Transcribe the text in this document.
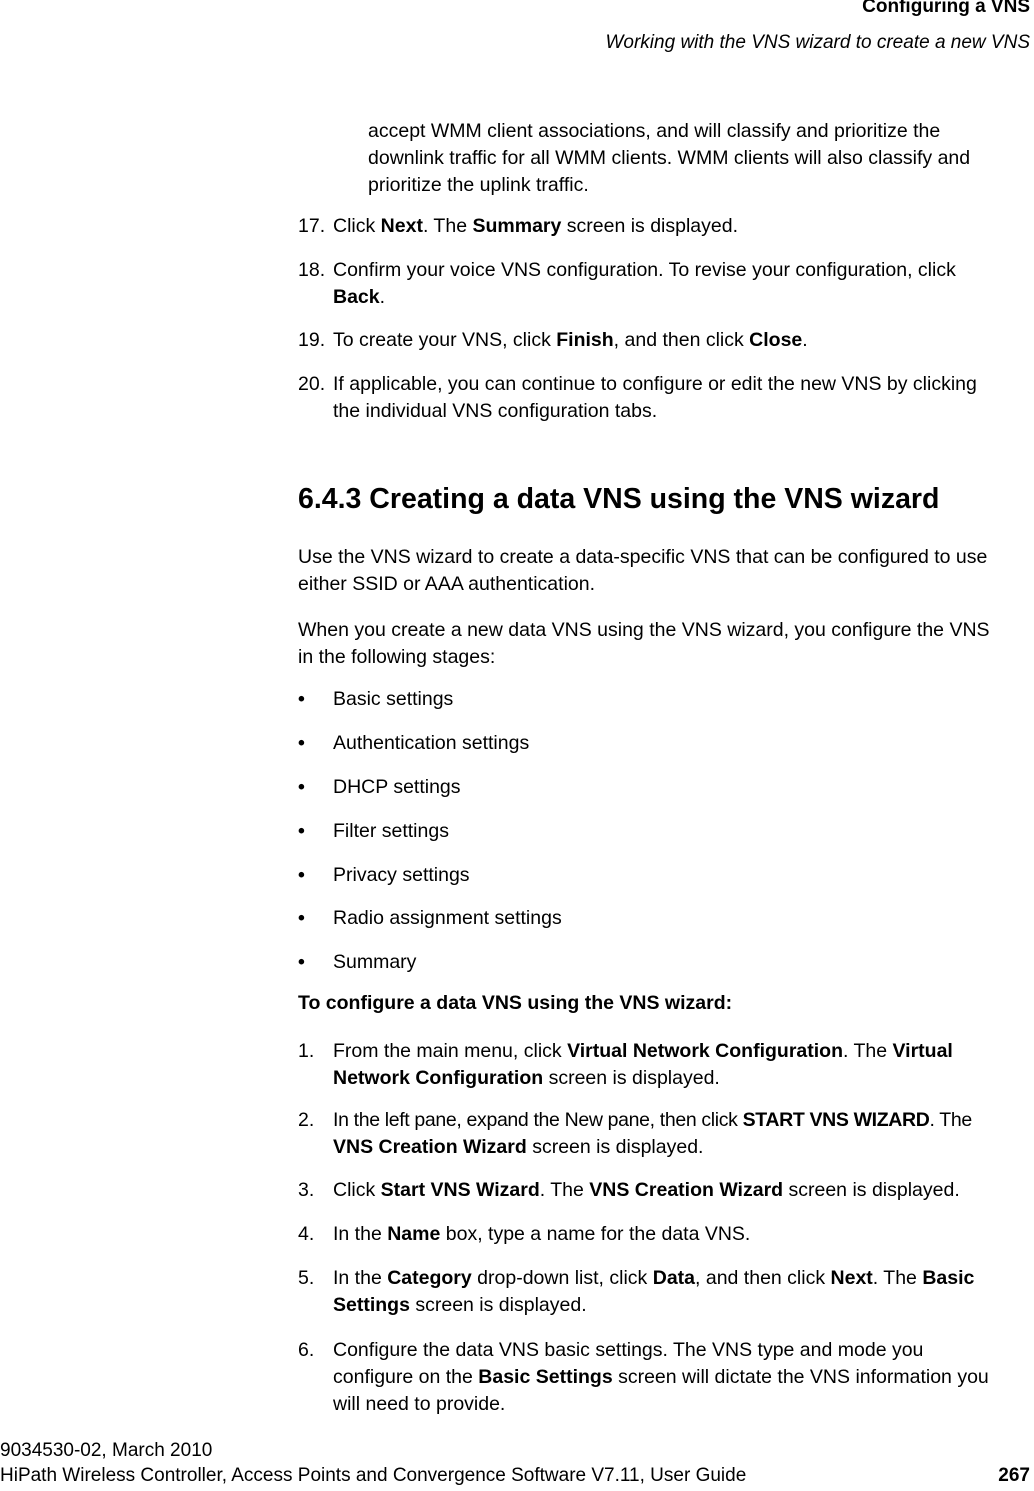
Configuring a VNS
Working with the VNS wizard to create a new VNS
accept WMM client associations, and will classify and prioritize the
downlink traffic for all WMM clients. WMM clients will also classify and
prioritize the uplink traffic.
17. Click Next. The Summary screen is displayed.
18. Confirm your voice VNS configuration. To revise your configuration, click
Back.
19. To create your VNS, click Finish, and then click Close.
20. If applicable, you can continue to configure or edit the new VNS by clicking
the individual VNS configuration tabs.
6.4.3 Creating a data VNS using the VNS wizard
Use the VNS wizard to create a data-specific VNS that can be configured to use
either SSID or AAA authentication.
When you create a new data VNS using the VNS wizard, you configure the VNS
in the following stages:
• Basic settings
• Authentication settings
• DHCP settings
• Filter settings
• Privacy settings
• Radio assignment settings
• Summary
To configure a data VNS using the VNS wizard:
1. From the main menu, click Virtual Network Configuration. The Virtual
Network Configuration screen is displayed.
2. In the left pane, expand the New pane, then click START VNS WIZARD. The
VNS Creation Wizard screen is displayed.
3. Click Start VNS Wizard. The VNS Creation Wizard screen is displayed.
4. In the Name box, type a name for the data VNS.
5. In the Category drop-down list, click Data, and then click Next. The Basic
Settings screen is displayed.
6. Configure the data VNS basic settings. The VNS type and mode you
configure on the Basic Settings screen will dictate the VNS information you
will need to provide.
9034530-02, March 2010
HiPath Wireless Controller, Access Points and Convergence Software V7.11, User Guide	267
